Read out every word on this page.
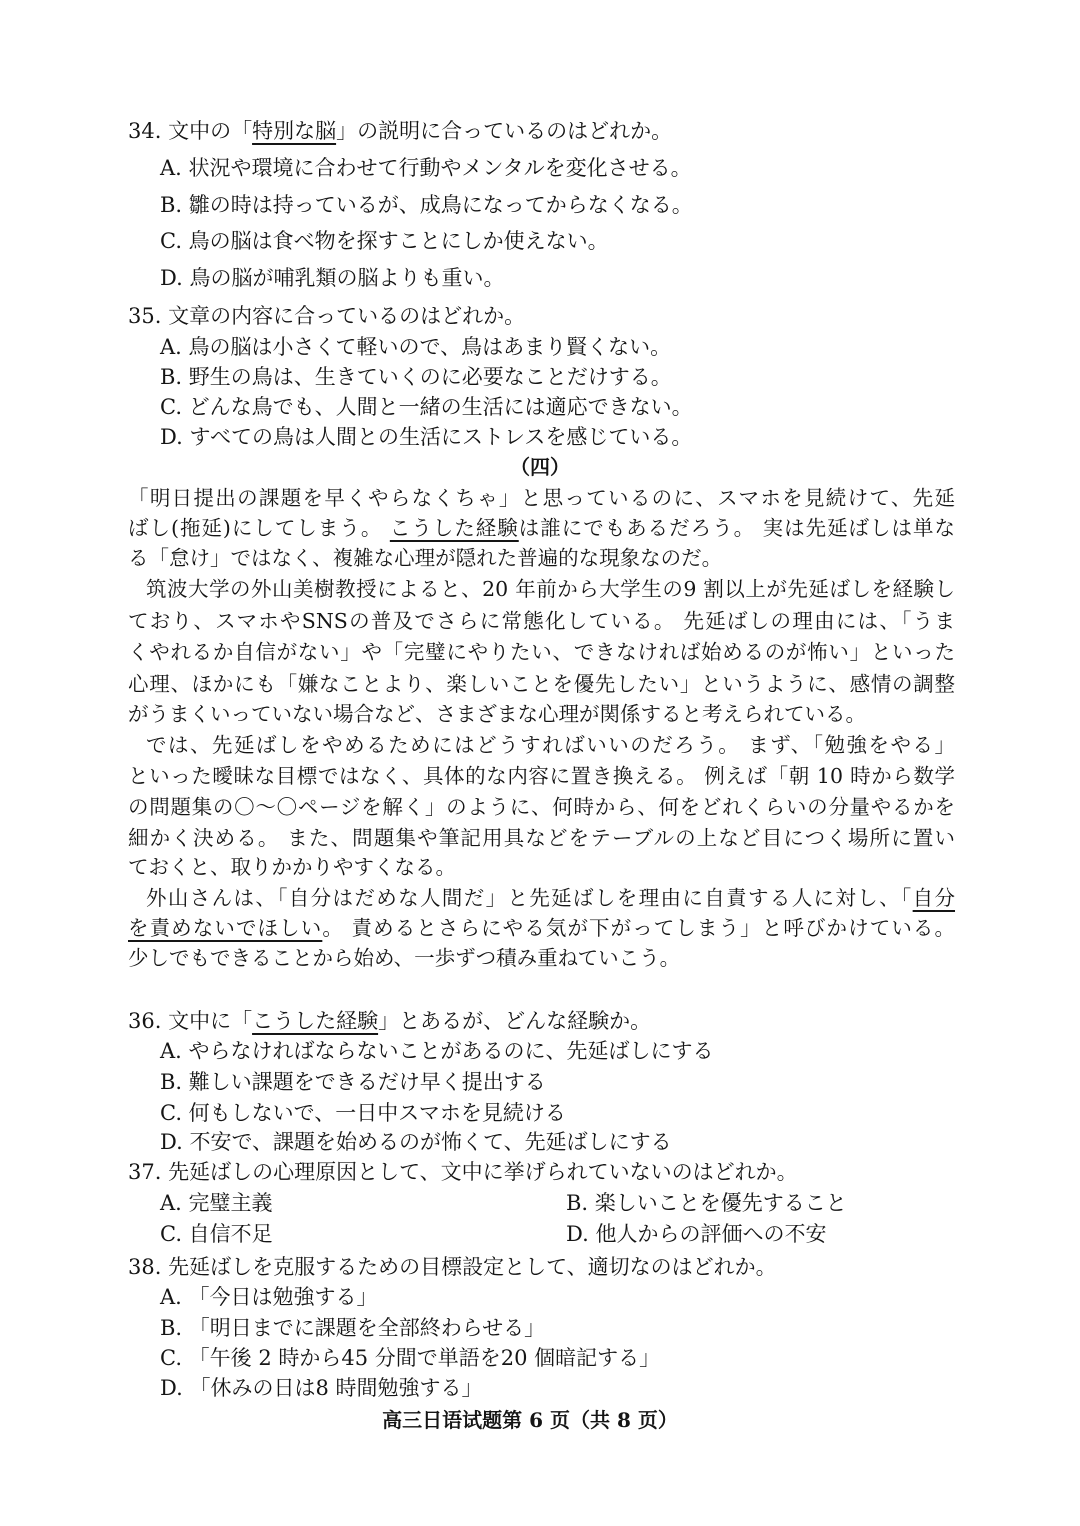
34. 文中の「特別な脳」の説明に合っているのはどれか。
A. 状況や環境に合わせて行動やメンタルを変化させる。
B. 雛の時は持っているが、成鳥になってからなくなる。
C. 鳥の脳は食べ物を探すことにしか使えない。
D. 鳥の脳が哺乳類の脳よりも重い。
35. 文章の内容に合っているのはどれか。
A. 鳥の脳は小さくて軽いので、鳥はあまり賢くない。
B. 野生の鳥は、生きていくのに必要なことだけする。
C. どんな鳥でも、人間と一緒の生活には適応できない。
D. すべての鳥は人間との生活にストレスを感じている。
（四）
「明日提出の課題を早くやらなくちゃ」と思っているのに、スマホを見続けて、先延
ばし(拖延)にしてしまう。 こうした経験は誰にでもあるだろう。 実は先延ばしは単な
る「怠け」ではなく、複雑な心理が隠れた普遍的な現象なのだ。
筑波大学の外山美樹教授によると、20 年前から大学生の9 割以上が先延ばしを経験し
ており、スマホやSNSの普及でさらに常態化している。 先延ばしの理由には、「うま
くやれるか自信がない」や「完璧にやりたい、できなければ始めるのが怖い」といった
心理、ほかにも「嫌なことより、楽しいことを優先したい」というように、感情の調整
がうまくいっていない場合など、さまざまな心理が関係すると考えられている。
では、先延ばしをやめるためにはどうすればいいのだろう。 まず、「勉強をやる」
といった曖昧な目標ではなく、具体的な内容に置き換える。 例えば「朝 10 時から数学
の問題集の〇～〇ページを解く」のように、何時から、何をどれくらいの分量やるかを
細かく決める。 また、問題集や筆記用具などをテーブルの上など目につく場所に置い
ておくと、取りかかりやすくなる。
外山さんは、「自分はだめな人間だ」と先延ばしを理由に自責する人に対し、「自分
を責めないでほしい。 責めるとさらにやる気が下がってしまう」と呼びかけている。
少しでもできることから始め、一歩ずつ積み重ねていこう。
36. 文中に「こうした経験」とあるが、どんな経験か。
A. やらなければならないことがあるのに、先延ばしにする
B. 難しい課題をできるだけ早く提出する
C. 何もしないで、一日中スマホを見続ける
D. 不安で、課題を始めるのが怖くて、先延ばしにする
37. 先延ばしの心理原因として、文中に挙げられていないのはどれか。
A. 完璧主義	B. 楽しいことを優先すること
C. 自信不足	D. 他人からの評価への不安
38. 先延ばしを克服するための目標設定として、適切なのはどれか。
A. 「今日は勉強する」
B. 「明日までに課題を全部終わらせる」
C. 「午後 2 時から45 分間で単語を20 個暗記する」
D. 「休みの日は8 時間勉強する」
高三日语试题第 6 页（共 8 页）
